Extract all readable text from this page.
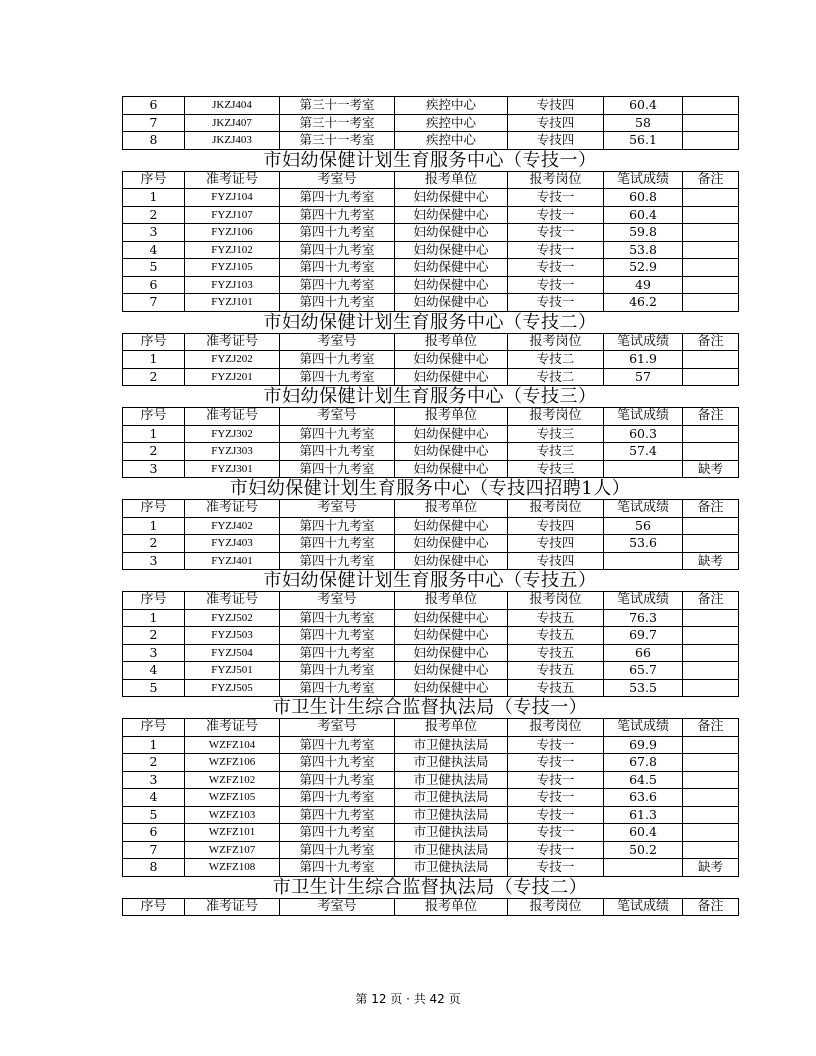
6	JKZJ404	第三十一考室	疾控中心	专技四	60.4	
7	JKZJ407	第三十一考室	疾控中心	专技四	58	
8	JKZJ403	第三十一考室	疾控中心	专技四	56.1	
市妇幼保健计划生育服务中心（专技一）
序号	准考证号	考室号	报考单位	报考岗位	笔试成绩	备注
1	FYZJ104	第四十九考室	妇幼保健中心	专技一	60.8	
2	FYZJ107	第四十九考室	妇幼保健中心	专技一	60.4	
3	FYZJ106	第四十九考室	妇幼保健中心	专技一	59.8	
4	FYZJ102	第四十九考室	妇幼保健中心	专技一	53.8	
5	FYZJ105	第四十九考室	妇幼保健中心	专技一	52.9	
6	FYZJ103	第四十九考室	妇幼保健中心	专技一	49	
7	FYZJ101	第四十九考室	妇幼保健中心	专技一	46.2	
市妇幼保健计划生育服务中心（专技二）
序号	准考证号	考室号	报考单位	报考岗位	笔试成绩	备注
1	FYZJ202	第四十九考室	妇幼保健中心	专技二	61.9	
2	FYZJ201	第四十九考室	妇幼保健中心	专技二	57	
市妇幼保健计划生育服务中心（专技三）
序号	准考证号	考室号	报考单位	报考岗位	笔试成绩	备注
1	FYZJ302	第四十九考室	妇幼保健中心	专技三	60.3	
2	FYZJ303	第四十九考室	妇幼保健中心	专技三	57.4	
3	FYZJ301	第四十九考室	妇幼保健中心	专技三		缺考
市妇幼保健计划生育服务中心（专技四招聘1人）
序号	准考证号	考室号	报考单位	报考岗位	笔试成绩	备注
1	FYZJ402	第四十九考室	妇幼保健中心	专技四	56	
2	FYZJ403	第四十九考室	妇幼保健中心	专技四	53.6	
3	FYZJ401	第四十九考室	妇幼保健中心	专技四		缺考
市妇幼保健计划生育服务中心（专技五）
序号	准考证号	考室号	报考单位	报考岗位	笔试成绩	备注
1	FYZJ502	第四十九考室	妇幼保健中心	专技五	76.3	
2	FYZJ503	第四十九考室	妇幼保健中心	专技五	69.7	
3	FYZJ504	第四十九考室	妇幼保健中心	专技五	66	
4	FYZJ501	第四十九考室	妇幼保健中心	专技五	65.7	
5	FYZJ505	第四十九考室	妇幼保健中心	专技五	53.5	
市卫生计生综合监督执法局（专技一）
序号	准考证号	考室号	报考单位	报考岗位	笔试成绩	备注
1	WZFZ104	第四十九考室	市卫健执法局	专技一	69.9	
2	WZFZ106	第四十九考室	市卫健执法局	专技一	67.8	
3	WZFZ102	第四十九考室	市卫健执法局	专技一	64.5	
4	WZFZ105	第四十九考室	市卫健执法局	专技一	63.6	
5	WZFZ103	第四十九考室	市卫健执法局	专技一	61.3	
6	WZFZ101	第四十九考室	市卫健执法局	专技一	60.4	
7	WZFZ107	第四十九考室	市卫健执法局	专技一	50.2	
8	WZFZ108	第四十九考室	市卫健执法局	专技一		缺考
市卫生计生综合监督执法局（专技二）
序号	准考证号	考室号	报考单位	报考岗位	笔试成绩	备注
第 12 页 · 共 42 页
